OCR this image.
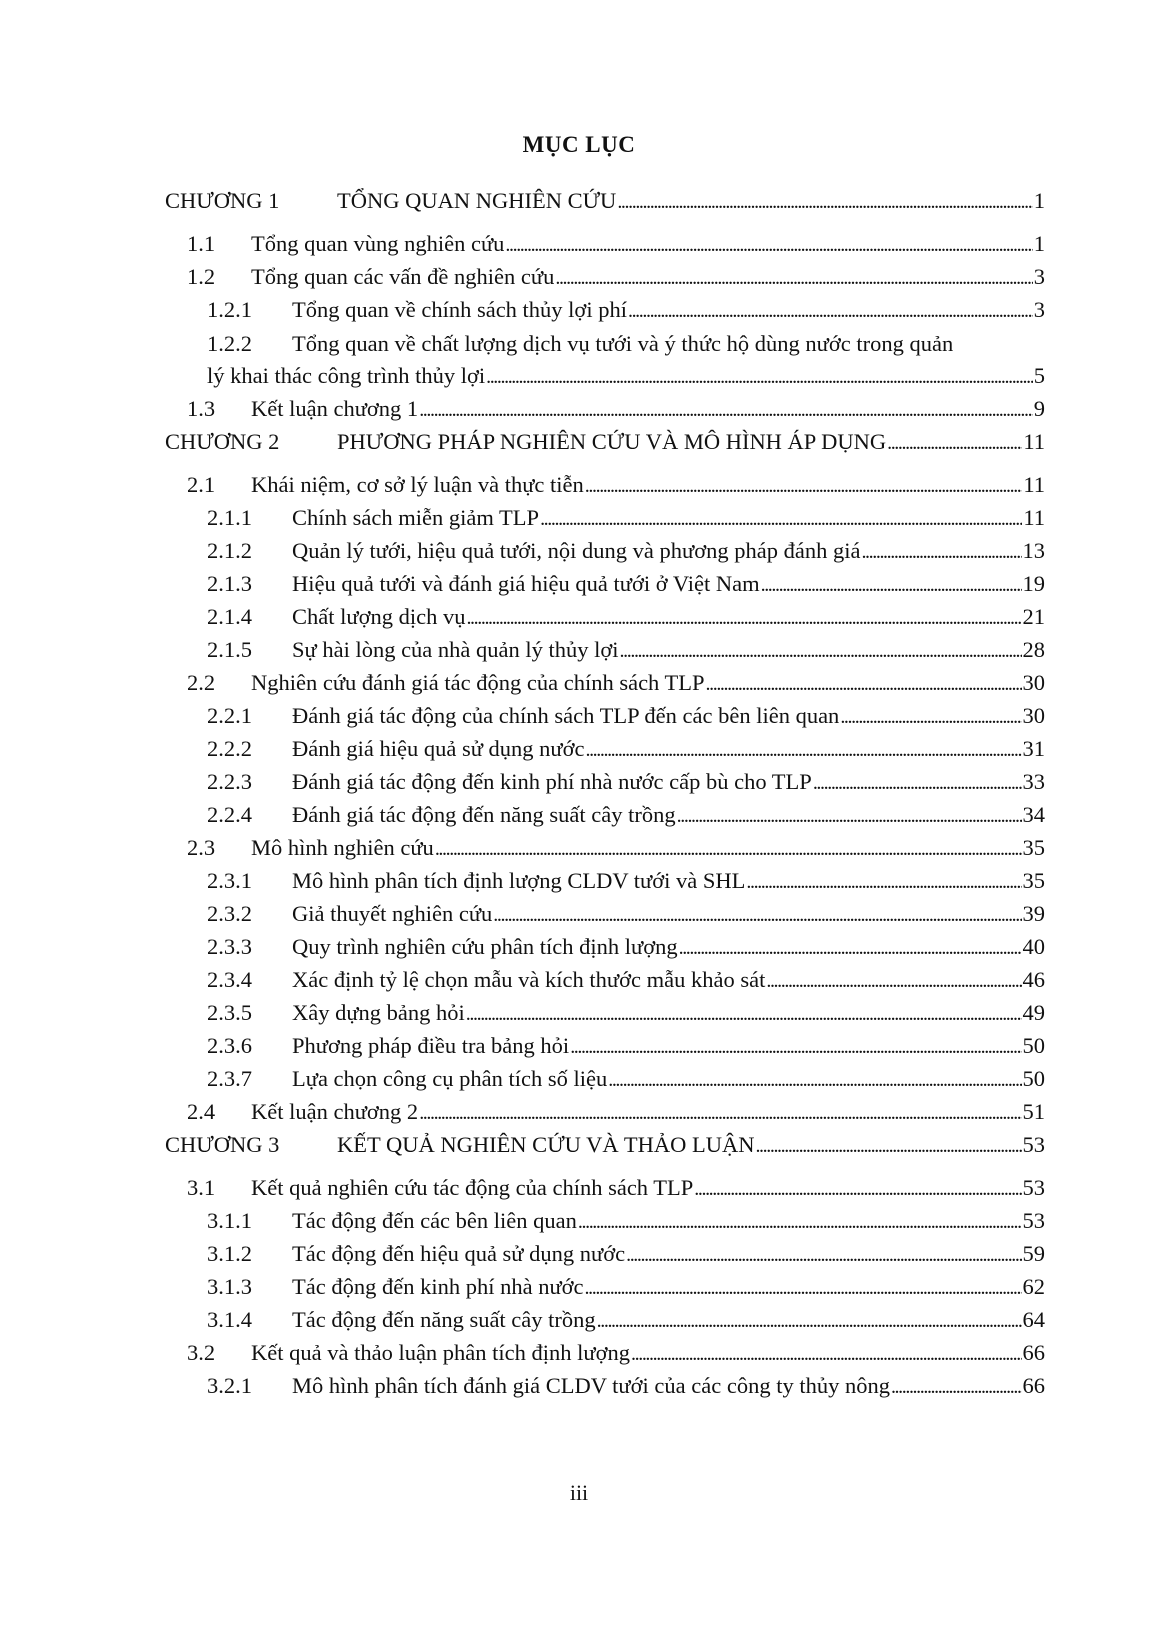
MỤC LỤC
CHƯƠNG 1	TỔNG QUAN NGHIÊN CỨU . . .	1
1.1	Tổng quan vùng nghiên cứu . . .	1
1.2	Tổng quan các vấn đề nghiên cứu . . .	3
1.2.1	Tổng quan về chính sách thủy lợi phí . . .	3
1.2.2	Tổng quan về chất lượng dịch vụ tưới và ý thức hộ dùng nước trong quản
lý khai thác công trình thủy lợi . . .	5
1.3	Kết luận chương 1 . . .	9
CHƯƠNG 2	PHƯƠNG PHÁP NGHIÊN CỨU VÀ MÔ HÌNH ÁP DỤNG . . .	11
2.1	Khái niệm, cơ sở lý luận và thực tiễn . . .	11
2.1.1	Chính sách miễn giảm TLP . . .	11
2.1.2	Quản lý tưới, hiệu quả tưới, nội dung và phương pháp đánh giá . . .	13
2.1.3	Hiệu quả tưới và đánh giá hiệu quả tưới ở Việt Nam . . .	19
2.1.4	Chất lượng dịch vụ . . .	21
2.1.5	Sự hài lòng của nhà quản lý thủy lợi . . .	28
2.2	Nghiên cứu đánh giá tác động của chính sách TLP . . .	30
2.2.1	Đánh giá tác động của chính sách TLP đến các bên liên quan . . .	30
2.2.2	Đánh giá hiệu quả sử dụng nước . . .	31
2.2.3	Đánh giá tác động đến kinh phí nhà nước cấp bù cho TLP . . .	33
2.2.4	Đánh giá tác động đến năng suất cây trồng . . .	34
2.3	Mô hình nghiên cứu . . .	35
2.3.1	Mô hình phân tích định lượng CLDV tưới và SHL . . .	35
2.3.2	Giả thuyết nghiên cứu . . .	39
2.3.3	Quy trình nghiên cứu phân tích định lượng . . .	40
2.3.4	Xác định tỷ lệ chọn mẫu và kích thước mẫu khảo sát . . .	46
2.3.5	Xây dựng bảng hỏi . . .	49
2.3.6	Phương pháp điều tra bảng hỏi . . .	50
2.3.7	Lựa chọn công cụ phân tích số liệu . . .	50
2.4	Kết luận chương 2 . . .	51
CHƯƠNG 3	KẾT QUẢ NGHIÊN CỨU VÀ THẢO LUẬN . . .	53
3.1	Kết quả nghiên cứu tác động của chính sách TLP . . .	53
3.1.1	Tác động đến các bên liên quan . . .	53
3.1.2	Tác động đến hiệu quả sử dụng nước . . .	59
3.1.3	Tác động đến kinh phí nhà nước . . .	62
3.1.4	Tác động đến năng suất cây trồng . . .	64
3.2	Kết quả và thảo luận phân tích định lượng . . .	66
3.2.1	Mô hình phân tích đánh giá CLDV tưới của các công ty thủy nông . . .	66
iii
